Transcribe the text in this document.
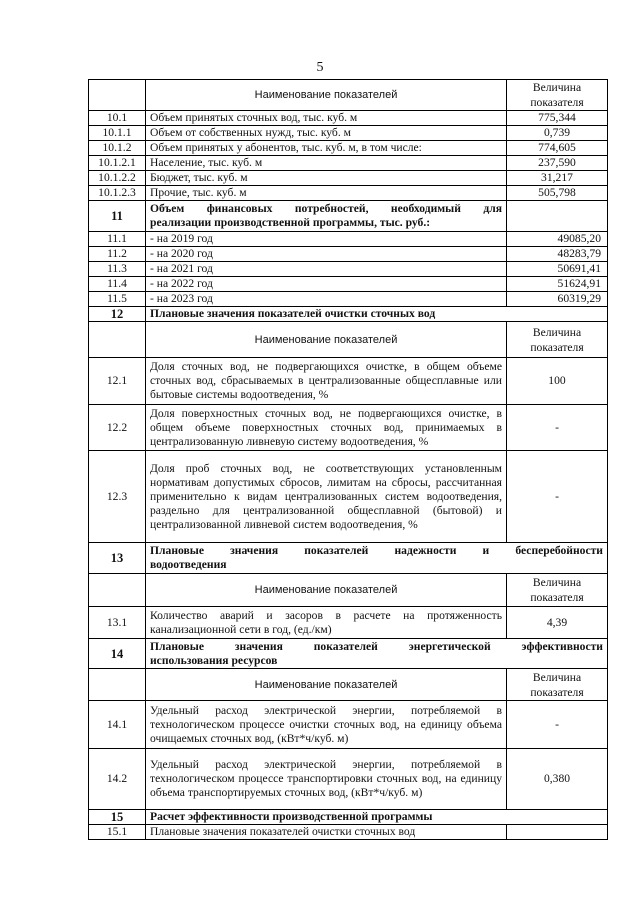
5
	Наименование показателей	Величина показателя
10.1	Объем принятых сточных вод, тыс. куб. м	775,344
10.1.1	Объем от собственных нужд, тыс. куб. м	0,739
10.1.2	Объем принятых у абонентов, тыс. куб. м, в том числе:	774,605
10.1.2.1	Население, тыс. куб. м	237,590
10.1.2.2	Бюджет, тыс. куб. м	31,217
10.1.2.3	Прочие, тыс. куб. м	505,798
11	Объем финансовых потребностей, необходимый для
реализации производственной программы, тыс. руб.:	

11.1	- на 2019 год	49085,20
11.2	- на 2020 год	48283,79
11.3	- на 2021 год	50691,41
11.4	- на 2022 год	51624,91
11.5	- на 2023 год	60319,29
12	Плановые значения показателей очистки сточных вод	
	Наименование показателей	Величина показателя
12.1	Доля сточных вод, не подвергающихся очистке, в общем объеме сточных вод, сбрасываемых в централизованные общесплавные или бытовые системы водоотведения, %	100
12.2	Доля поверхностных сточных вод, не подвергающихся очистке, в общем объеме поверхностных сточных вод, принимаемых в централизованную ливневую систему водоотведения, %	-
12.3	Доля проб сточных вод, не соответствующих установленным нормативам допустимых сбросов, лимитам на сбросы, рассчитанная применительно к видам централизованных систем водоотведения, раздельно для централизованной общесплавной (бытовой) и централизованной ливневой систем водоотведения, %	-
13	Плановые значения показателей надежности и бесперебойности
водоотведения	

	Наименование показателей	Величина показателя
13.1	Количество аварий и засоров в расчете на протяженность канализационной сети в год, (ед./км)	4,39
14	Плановые значения показателей энергетической эффективности
использования ресурсов	

	Наименование показателей	Величина показателя
14.1	Удельный расход электрической энергии, потребляемой в технологическом процессе очистки сточных вод, на единицу объема очищаемых сточных вод, (кВт*ч/куб. м)	-
14.2	Удельный расход электрической энергии, потребляемой в технологическом процессе транспортировки сточных вод, на единицу объема транспортируемых сточных вод, (кВт*ч/куб. м)	0,380
15	Расчет эффективности производственной программы	
15.1	Плановые значения показателей очистки сточных вод	
